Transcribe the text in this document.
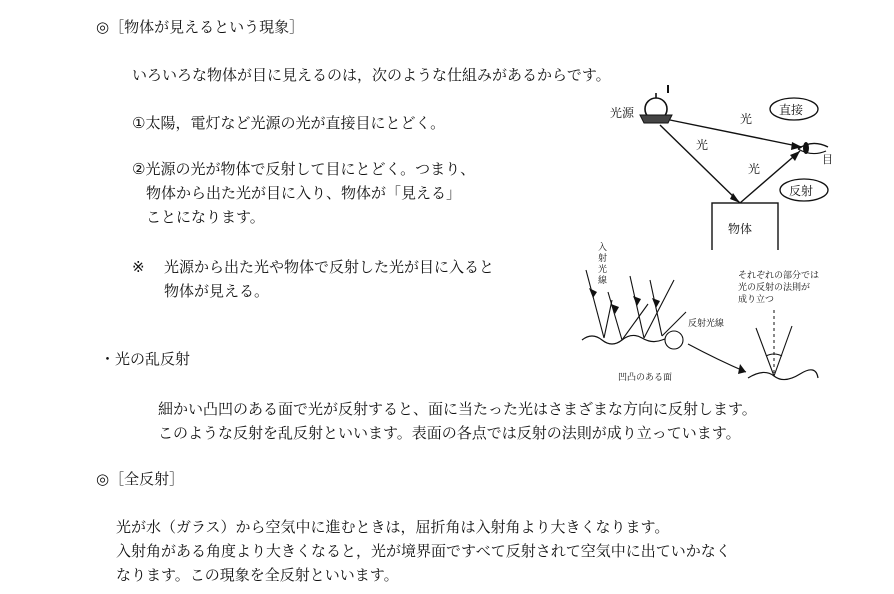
◎［物体が見えるという現象］
いろいろな物体が目に見えるのは，次のような仕組みがあるからです。
①太陽，電灯など光源の光が直接目にとどく。
②光源の光が物体で反射して目にとどく。つまり、
物体から出た光が目に入り、物体が「見える」
ことになります。
※ 光源から出た光や物体で反射した光が目に入ると
物体が見える。
光源	光
光
光
目
直接
反射
物体
入
射
光
線
反射光線
凹凸のある面
それぞれの部分では
光の反射の法則が
成り立つ
・光の乱反射
細かい凸凹のある面で光が反射すると、面に当たった光はさまざまな方向に反射します。
このような反射を乱反射といいます。表面の各点では反射の法則が成り立っています。
◎［全反射］
光が水（ガラス）から空気中に進むときは，屈折角は入射角より大きくなります。
入射角がある角度より大きくなると，光が境界面ですべて反射されて空気中に出ていかなく
なります。この現象を全反射といいます。
